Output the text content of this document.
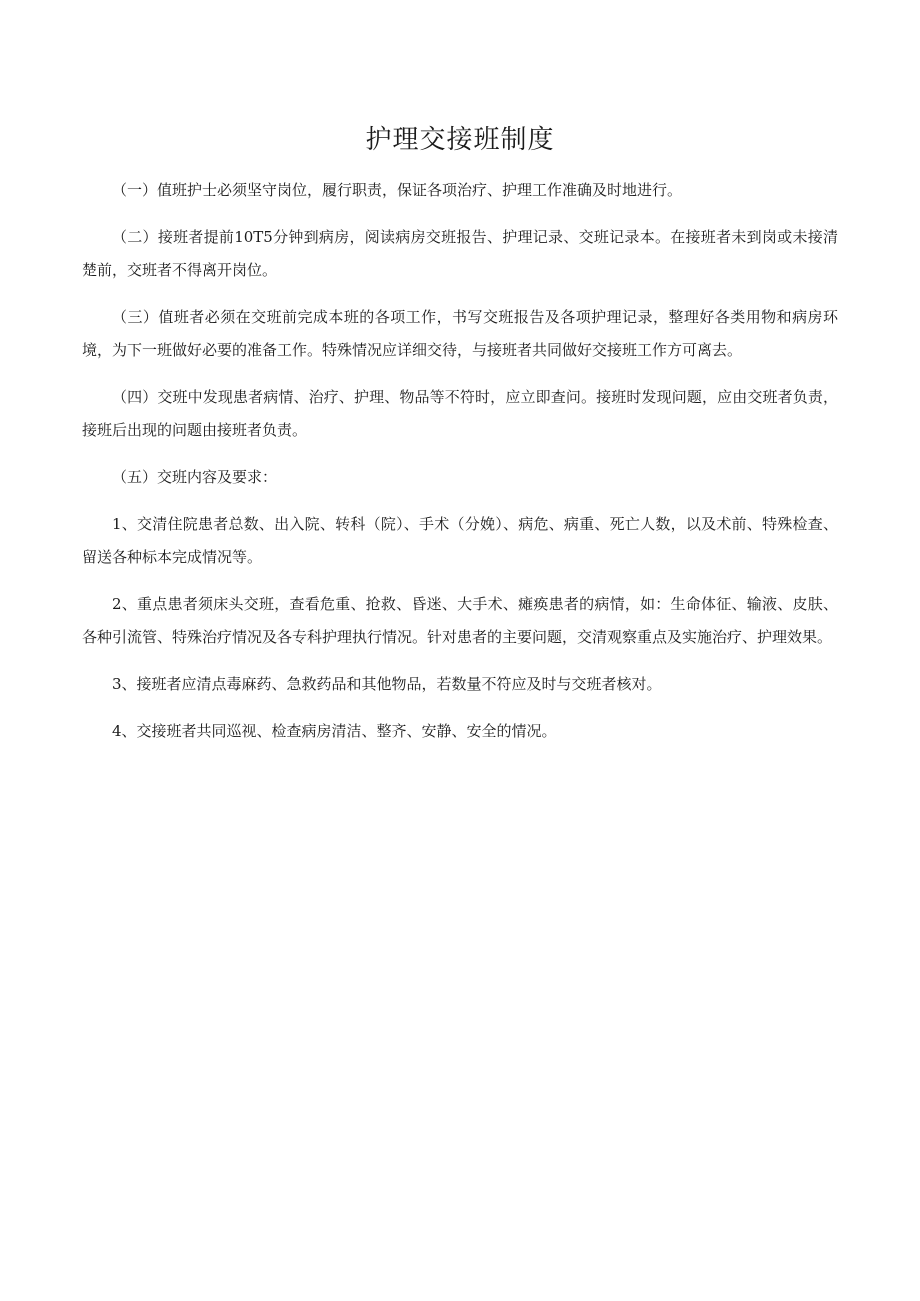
护理交接班制度

（一）值班护士必须坚守岗位，履行职责，保证各项治疗、护理工作准确及时地进行。

（二）接班者提前10T5分钟到病房，阅读病房交班报告、护理记录、交班记录本。在接班者未到岗或未接清楚前，交班者不得离开岗位。

（三）值班者必须在交班前完成本班的各项工作，书写交班报告及各项护理记录，整理好各类用物和病房环境，为下一班做好必要的准备工作。特殊情况应详细交待，与接班者共同做好交接班工作方可离去。

（四）交班中发现患者病情、治疗、护理、物品等不符时，应立即查问。接班时发现问题，应由交班者负责，接班后出现的问题由接班者负责。

（五）交班内容及要求：

1、交清住院患者总数、出入院、转科（院）、手术（分娩）、病危、病重、死亡人数，以及术前、特殊检查、留送各种标本完成情况等。

2、重点患者须床头交班，查看危重、抢救、昏迷、大手术、瘫痪患者的病情，如：生命体征、输液、皮肤、各种引流管、特殊治疗情况及各专科护理执行情况。针对患者的主要问题，交清观察重点及实施治疗、护理效果。

3、接班者应清点毒麻药、急救药品和其他物品，若数量不符应及时与交班者核对。

4、交接班者共同巡视、检查病房清洁、整齐、安静、安全的情况。
